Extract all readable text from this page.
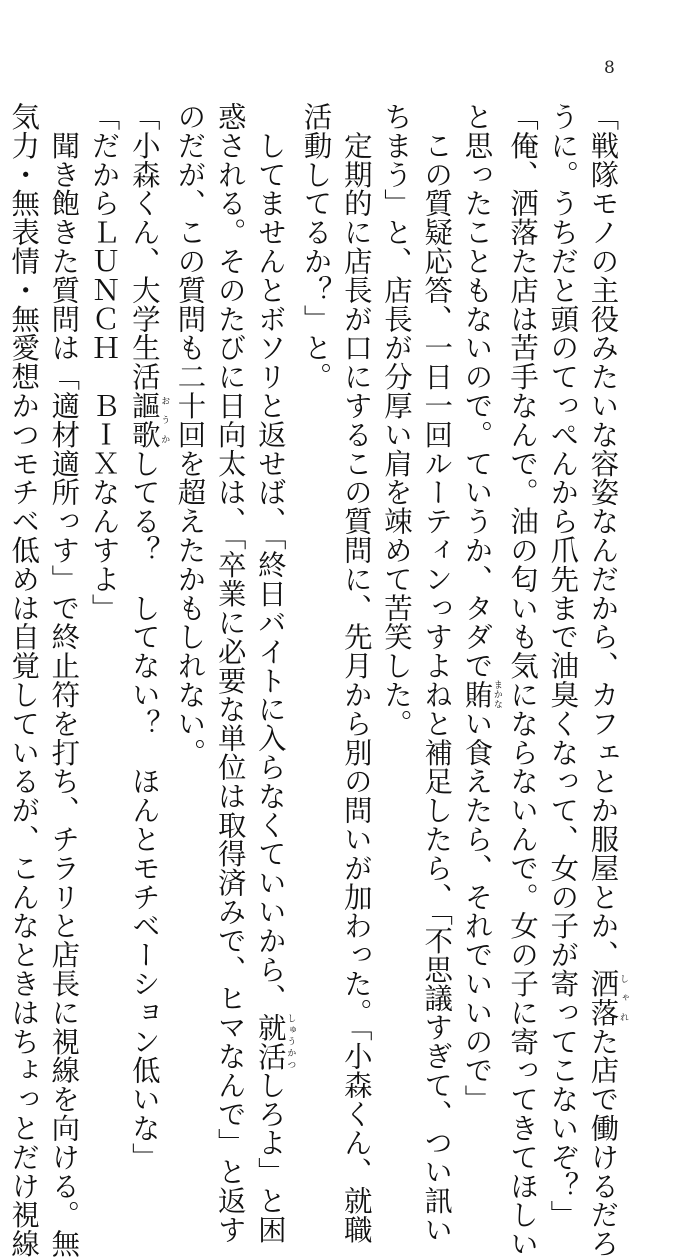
8

「戦隊モノの主役みたいな容姿なんだから、カフェとか服屋とか、洒落しゃれた店で働けるだろ

うに。うちだと頭のてっぺんから爪先まで油臭くなって、女の子が寄ってこないぞ？」

「俺、洒落た店は苦手なんで。油の匂いも気にならないんで。女の子に寄ってきてほしい

と思ったこともないので。ていうか、タダで賄まかない食えたら、それでいいので」

　この質疑応答、一日一回ルーティンっすよねと補足したら、「不思議すぎて、つい訊い

ちまう」と、店長が分厚い肩を竦めて苦笑した。

　定期的に店長が口にするこの質問に、先月から別の問いが加わった。「小森くん、就職

活動してるか？」と。

　してませんとボソリと返せば、「終日バイトに入らなくていいから、就活しゅうかつしろよ」と困

惑される。そのたびに日向太は、「卒業に必要な単位は取得済みで、ヒマなんで」と返す

のだが、この質問も二十回を超えたかもしれない。

「小森くん、大学生活謳歌おうかしてる？　してない？　ほんとモチベーション低いな」

「だからＬＵＮＣＨ　ＢＩＸなんすよ」

　聞き飽きた質問は「適材適所っす」で終止符を打ち、チラリと店長に視線を向ける。無

気力・無表情・無愛想かつモチベ低めは自覚しているが、こんなときはちょっとだけ視線
